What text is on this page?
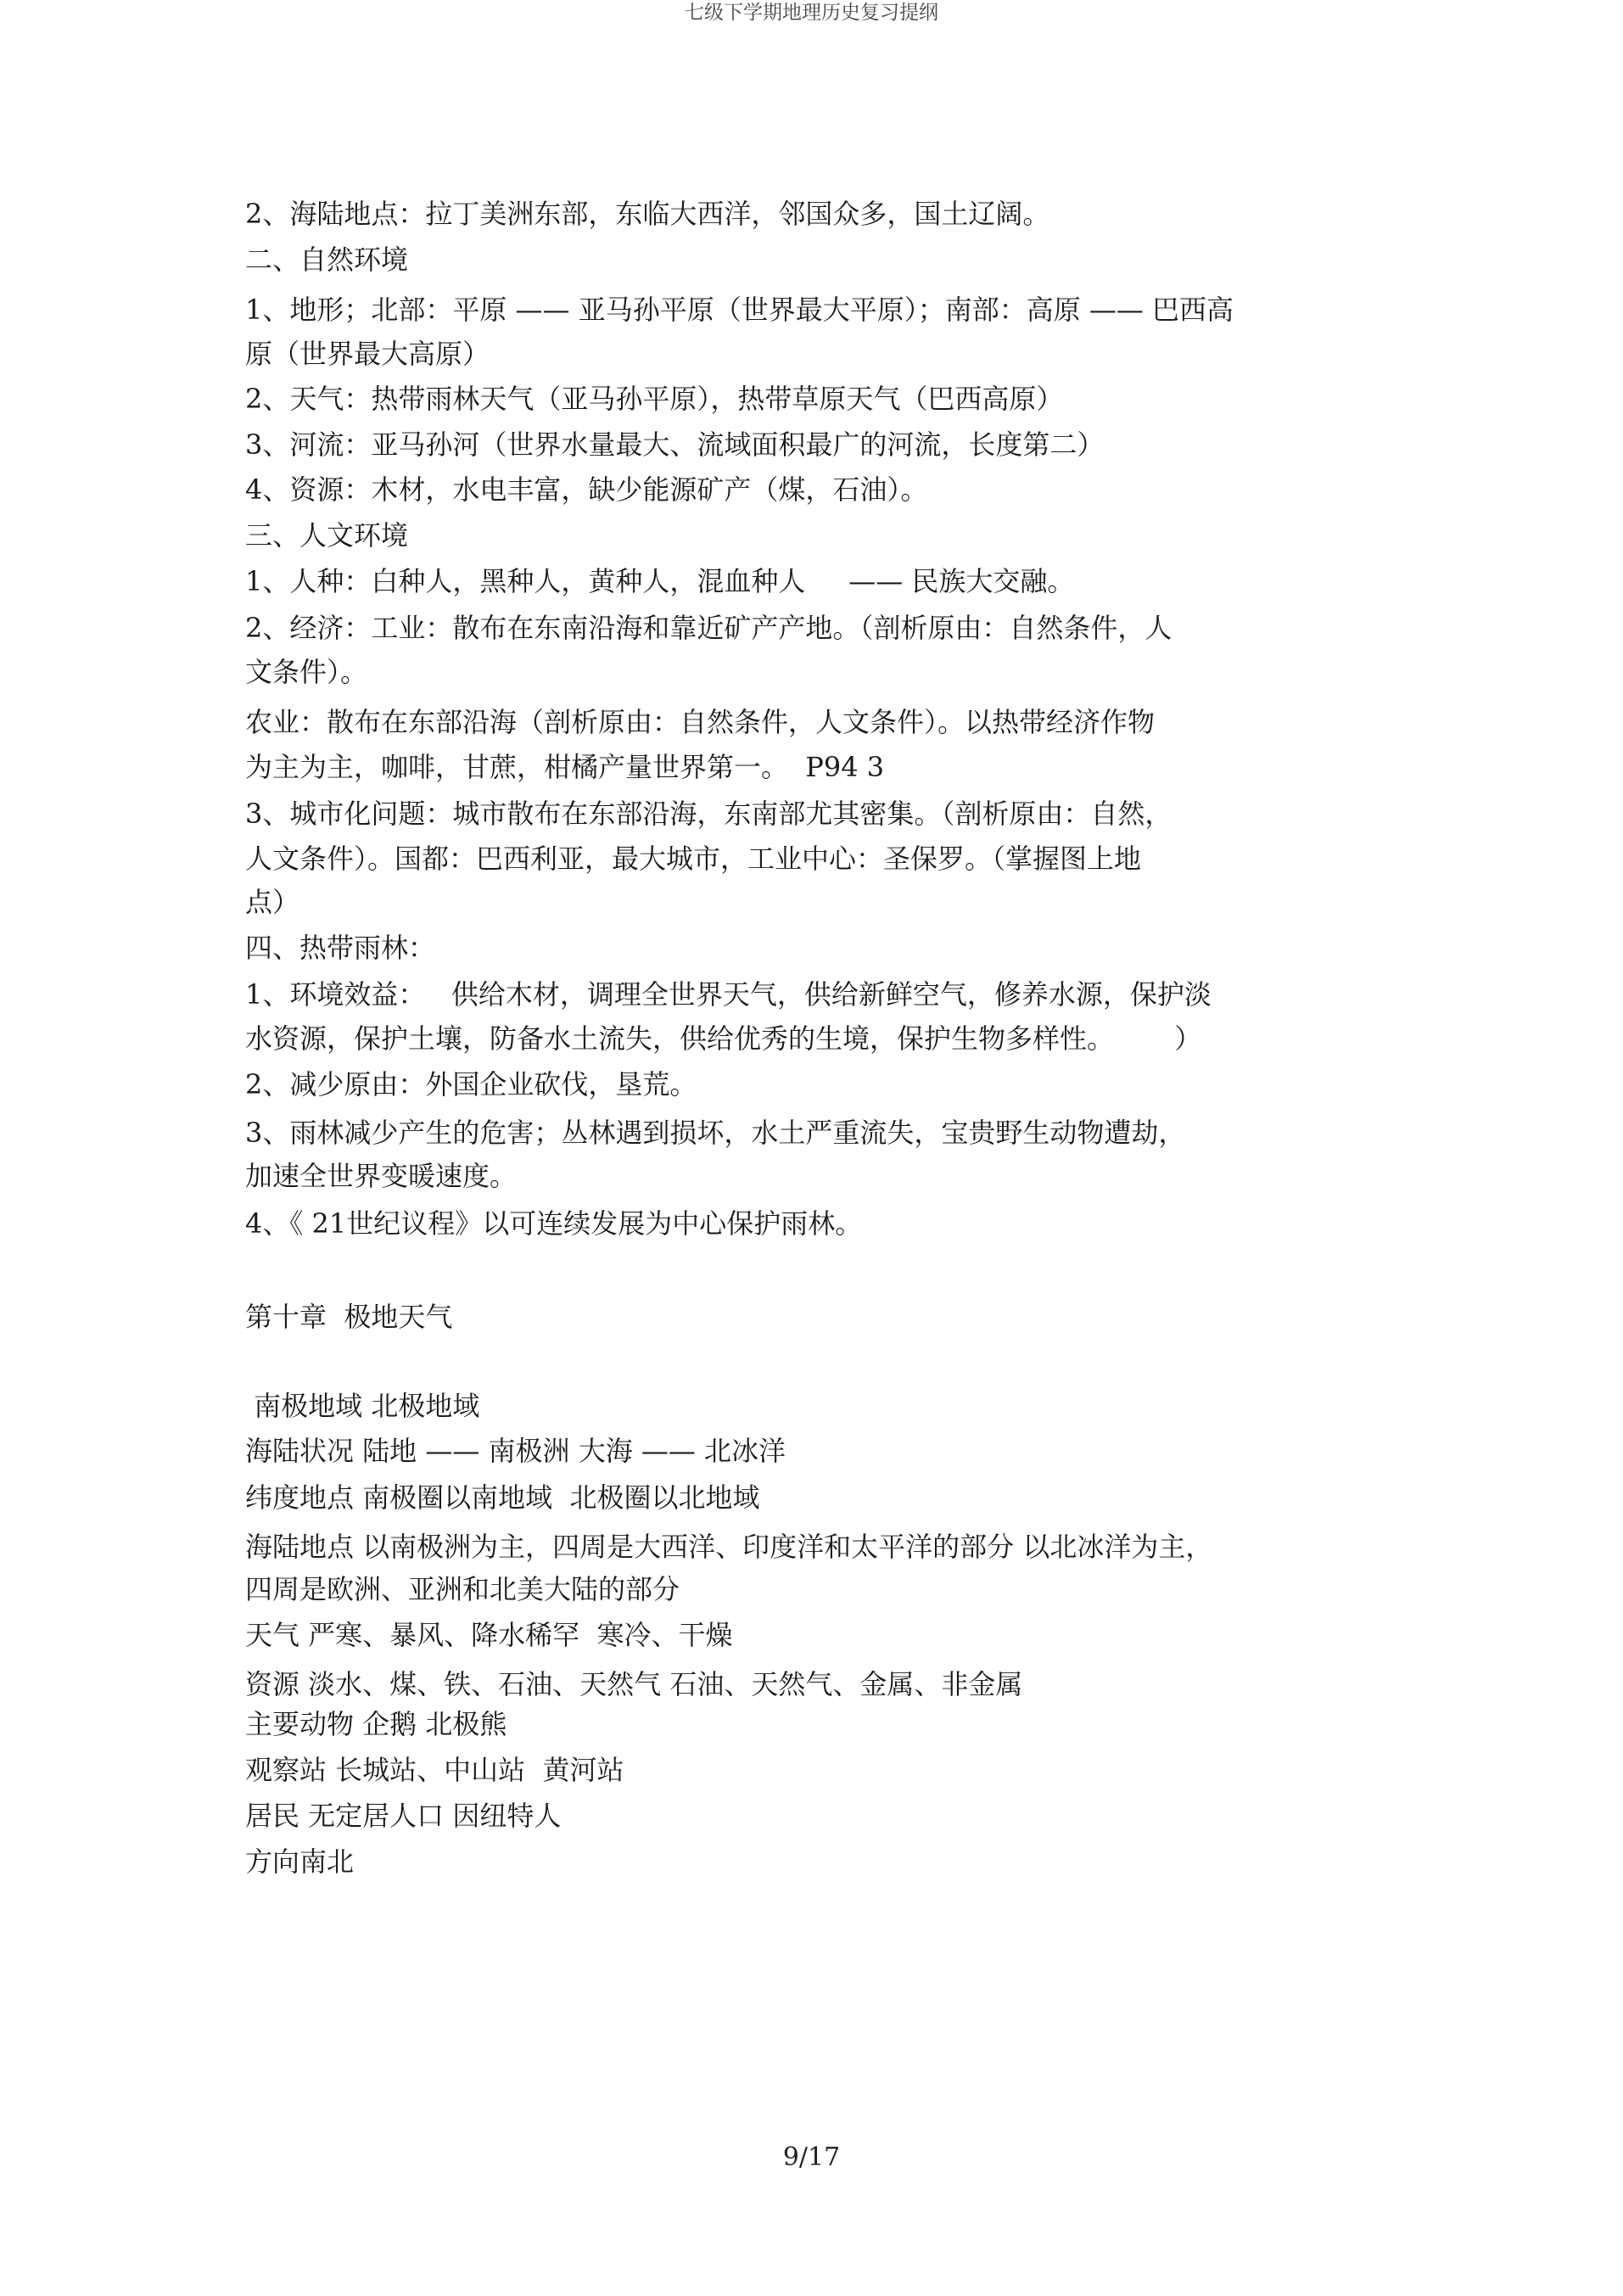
七级下学期地理历史复习提纲
2、海陆地点：拉丁美洲东部，东临大西洋，邻国众多，国土辽阔。
二、自然环境
1、地形；北部：平原 —— 亚马孙平原（世界最大平原）；南部：高原 —— 巴西高
原（世界最大高原）
2、天气：热带雨林天气（亚马孙平原），热带草原天气（巴西高原）
3、河流：亚马孙河（世界水量最大、流域面积最广的河流，长度第二）
4、资源：木材，水电丰富，缺少能源矿产（煤，石油）。
三、人文环境
1、人种：白种人，黑种人，黄种人，混血种人     —— 民族大交融。
2、经济：工业：散布在东南沿海和靠近矿产产地。（剖析原由：自然条件，人
文条件）。
农业：散布在东部沿海（剖析原由：自然条件，人文条件）。以热带经济作物
为主为主，咖啡，甘蔗，柑橘产量世界第一。  P94 3
3、城市化问题：城市散布在东部沿海，东南部尤其密集。（剖析原由：自然，
人文条件）。国都：巴西利亚，最大城市，工业中心：圣保罗。（掌握图上地
点）
四、热带雨林：
1、环境效益：   供给木材，调理全世界天气，供给新鲜空气，修养水源，保护淡
水资源，保护土壤，防备水土流失，供给优秀的生境，保护生物多样性。       ）
2、减少原由：外国企业砍伐，垦荒。
3、雨林减少产生的危害；丛林遇到损坏，水土严重流失，宝贵野生动物遭劫，
加速全世界变暖速度。
4、《 21世纪议程》以可连续发展为中心保护雨林。
第十章  极地天气
南极地域 北极地域
海陆状况 陆地 —— 南极洲 大海 —— 北冰洋
纬度地点 南极圈以南地域  北极圈以北地域
海陆地点 以南极洲为主，四周是大西洋、印度洋和太平洋的部分 以北冰洋为主，
四周是欧洲、亚洲和北美大陆的部分
天气 严寒、暴风、降水稀罕  寒冷、干燥
资源 淡水、煤、铁、石油、天然气 石油、天然气、金属、非金属
主要动物 企鹅 北极熊
观察站 长城站、中山站  黄河站
居民 无定居人口 因纽特人
方向南北
9/17
